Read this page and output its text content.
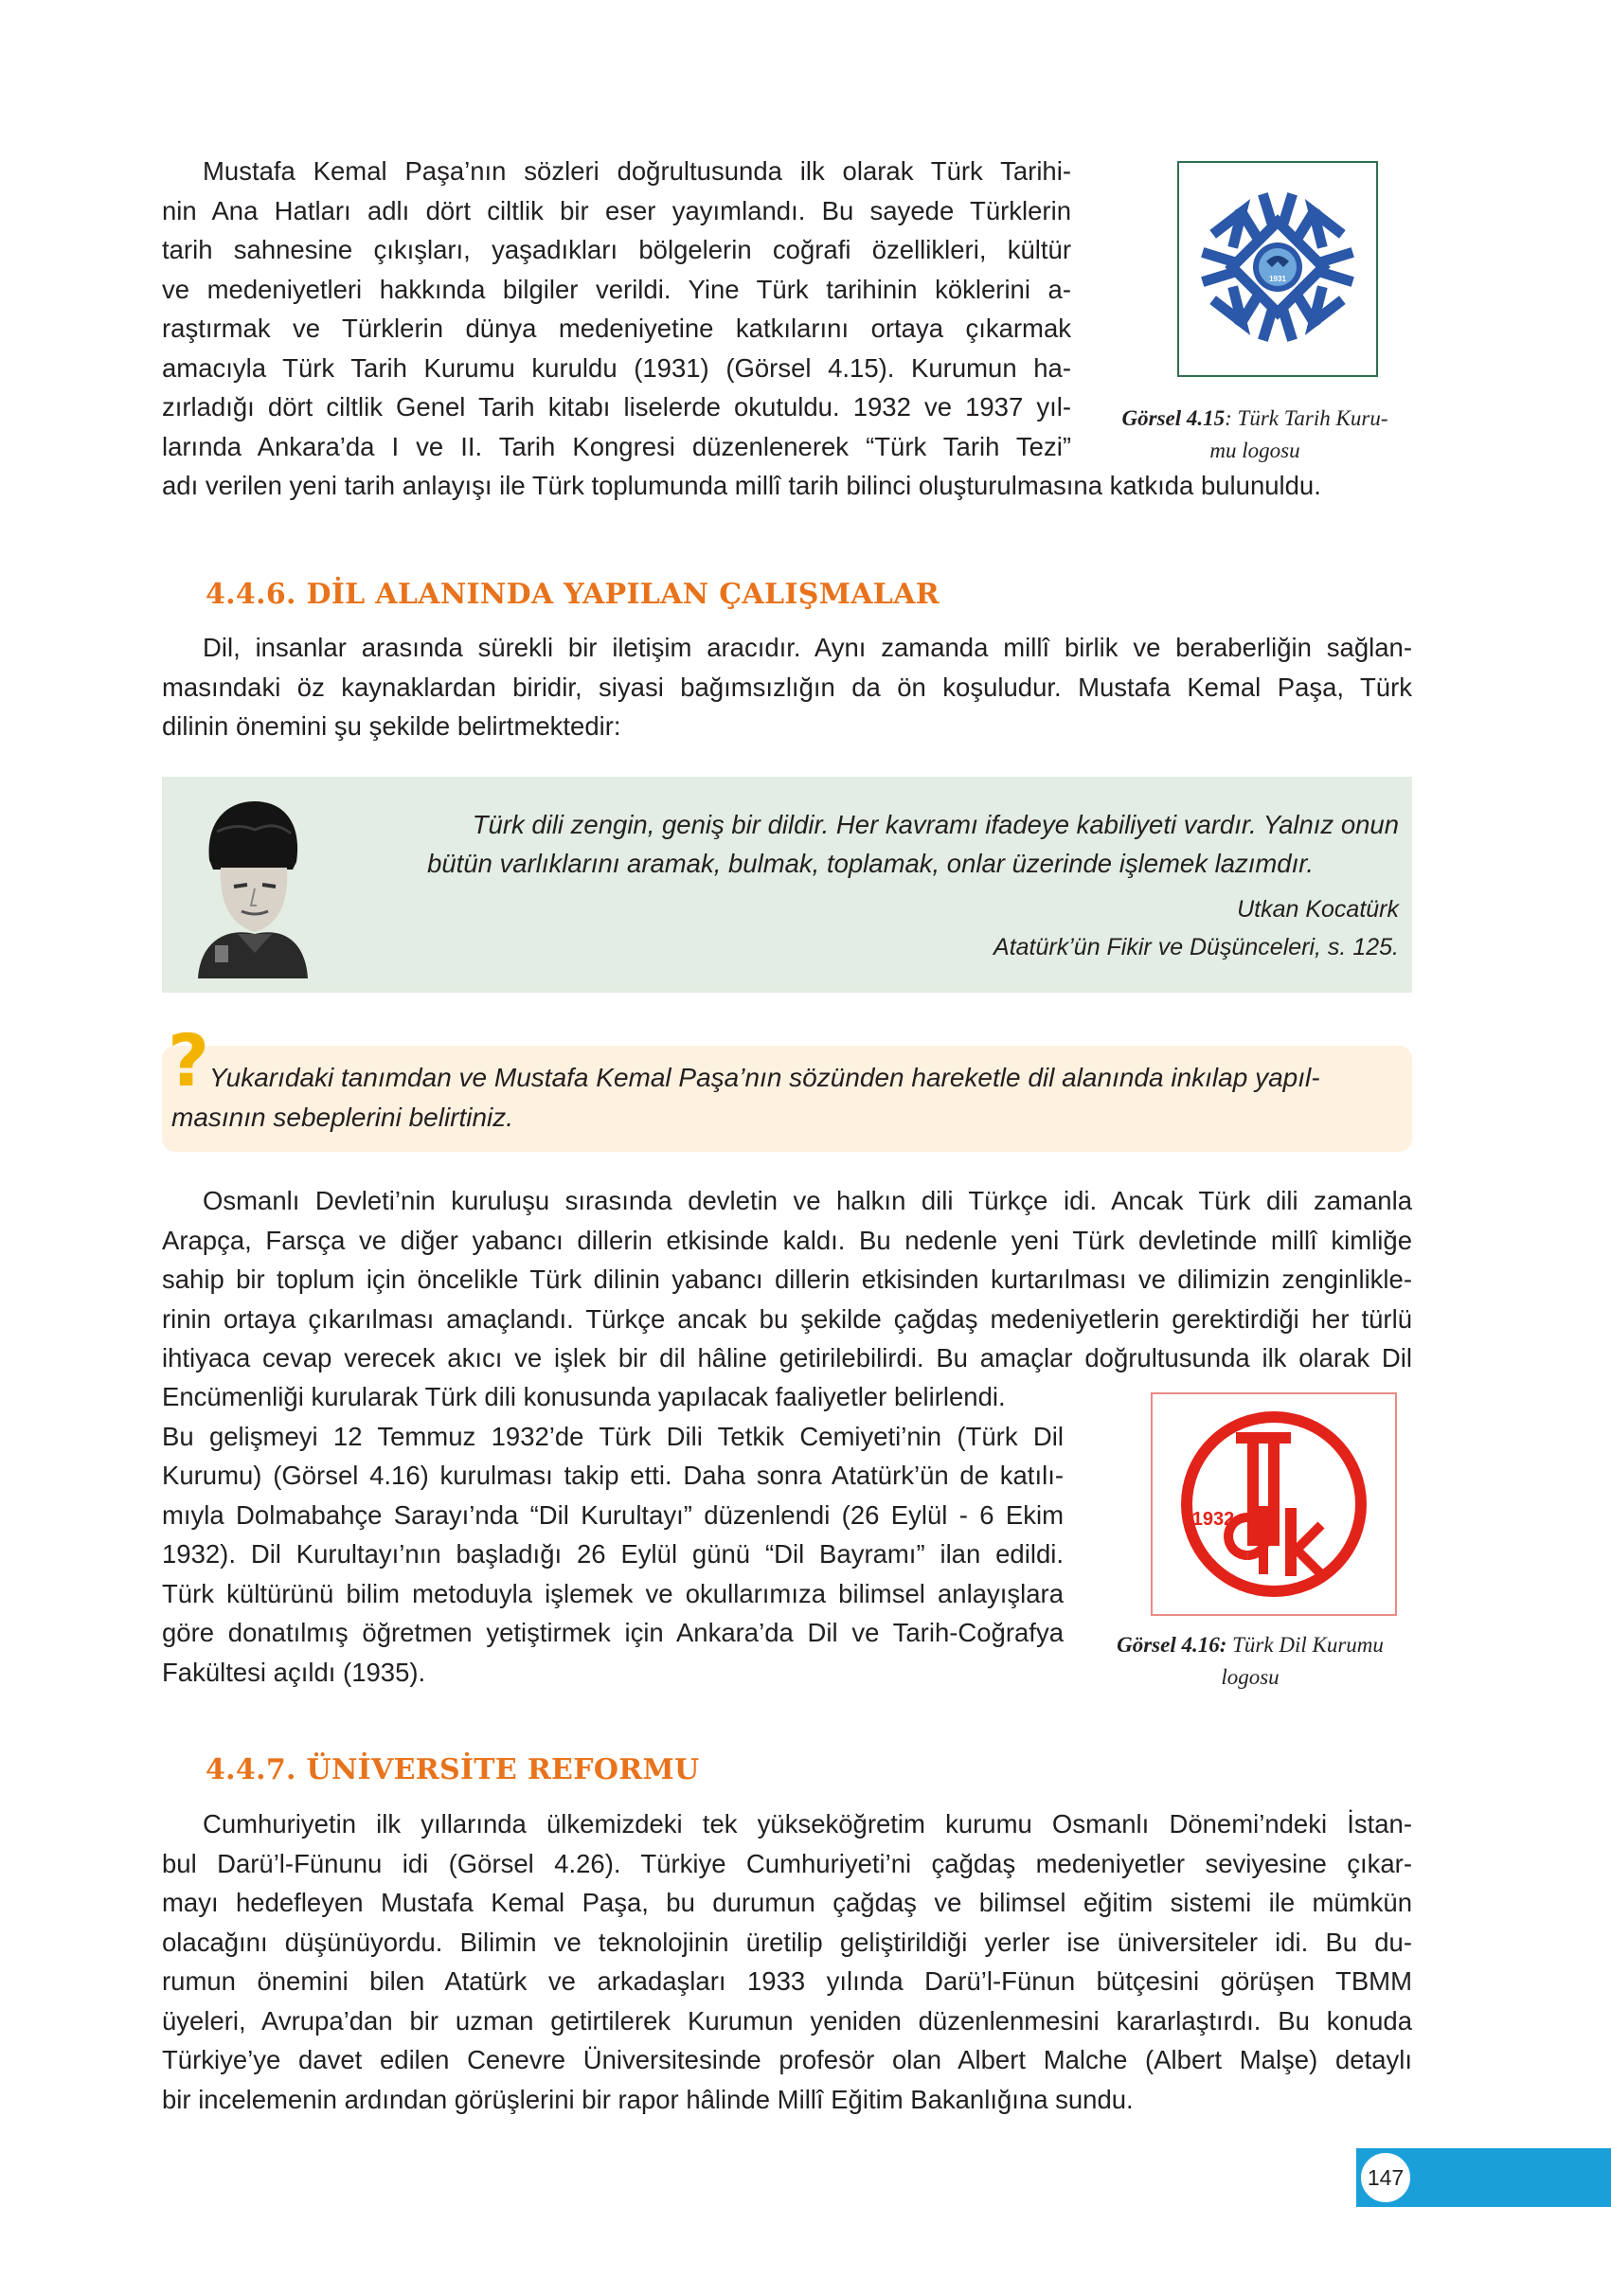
Mustafa Kemal Paşa’nın sözleri doğrultusunda ilk olarak Türk Tarihi-
nin Ana Hatları adlı dört ciltlik bir eser yayımlandı. Bu sayede Türklerin
tarih sahnesine çıkışları, yaşadıkları bölgelerin coğrafi özellikleri, kültür
ve medeniyetleri hakkında bilgiler verildi. Yine Türk tarihinin köklerini a-
raştırmak ve Türklerin dünya medeniyetine katkılarını ortaya çıkarmak
amacıyla Türk Tarih Kurumu kuruldu (1931) (Görsel 4.15). Kurumun ha-
zırladığı dört ciltlik Genel Tarih kitabı liselerde okutuldu. 1932 ve 1937 yıl-
larında Ankara’da I ve II. Tarih Kongresi düzenlenerek “Türk Tarih Tezi”
adı verilen yeni tarih anlayışı ile Türk toplumunda millî tarih bilinci oluşturulmasına katkıda bulunuldu.
1931
Görsel 4.15: Türk Tarih Kuru-
mu logosu
4.4.6. DİL ALANINDA YAPILAN ÇALIŞMALAR
Dil, insanlar arasında sürekli bir iletişim aracıdır. Aynı zamanda millî birlik ve beraberliğin sağlan-
masındaki öz kaynaklardan biridir, siyasi bağımsızlığın da ön koşuludur. Mustafa Kemal Paşa, Türk
dilinin önemini şu şekilde belirtmektedir:
Türk dili zengin, geniş bir dildir. Her kavramı ifadeye kabiliyeti vardır. Yalnız onun
bütün varlıklarını aramak, bulmak, toplamak, onlar üzerinde işlemek lazımdır.
Utkan Kocatürk
Atatürk’ün Fikir ve Düşünceleri, s. 125.
? Yukarıdaki tanımdan ve Mustafa Kemal Paşa’nın sözünden hareketle dil alanında inkılap yapıl-
masının sebeplerini belirtiniz.
Osmanlı Devleti’nin kuruluşu sırasında devletin ve halkın dili Türkçe idi. Ancak Türk dili zamanla
Arapça, Farsça ve diğer yabancı dillerin etkisinde kaldı. Bu nedenle yeni Türk devletinde millî kimliğe
sahip bir toplum için öncelikle Türk dilinin yabancı dillerin etkisinden kurtarılması ve dilimizin zenginlikle-
rinin ortaya çıkarılması amaçlandı. Türkçe ancak bu şekilde çağdaş medeniyetlerin gerektirdiği her türlü
ihtiyaca cevap verecek akıcı ve işlek bir dil hâline getirilebilirdi. Bu amaçlar doğrultusunda ilk olarak Dil
Encümenliği kurularak Türk dili konusunda yapılacak faaliyetler belirlendi.
Bu gelişmeyi 12 Temmuz 1932’de Türk Dili Tetkik Cemiyeti’nin (Türk Dil
Kurumu) (Görsel 4.16) kurulması takip etti. Daha sonra Atatürk’ün de katılı-
mıyla Dolmabahçe Sarayı’nda “Dil Kurultayı” düzenlendi (26 Eylül - 6 Ekim
1932). Dil Kurultayı’nın başladığı 26 Eylül günü “Dil Bayramı” ilan edildi.
Türk kültürünü bilim metoduyla işlemek ve okullarımıza bilimsel anlayışlara
göre donatılmış öğretmen yetiştirmek için Ankara’da Dil ve Tarih-Coğrafya
Fakültesi açıldı (1935).
1932
Görsel 4.16: Türk Dil Kurumu
logosu
4.4.7. ÜNİVERSİTE REFORMU
Cumhuriyetin ilk yıllarında ülkemizdeki tek yükseköğretim kurumu Osmanlı Dönemi’ndeki İstan-
bul Darü’l-Fünunu idi (Görsel 4.26). Türkiye Cumhuriyeti’ni çağdaş medeniyetler seviyesine çıkar-
mayı hedefleyen Mustafa Kemal Paşa, bu durumun çağdaş ve bilimsel eğitim sistemi ile mümkün
olacağını düşünüyordu. Bilimin ve teknolojinin üretilip geliştirildiği yerler ise üniversiteler idi. Bu du-
rumun önemini bilen Atatürk ve arkadaşları 1933 yılında Darü’l-Fünun bütçesini görüşen TBMM
üyeleri, Avrupa’dan bir uzman getirtilerek Kurumun yeniden düzenlenmesini kararlaştırdı. Bu konuda
Türkiye’ye davet edilen Cenevre Üniversitesinde profesör olan Albert Malche (Albert Malşe) detaylı
bir incelemenin ardından görüşlerini bir rapor hâlinde Millî Eğitim Bakanlığına sundu.
147
